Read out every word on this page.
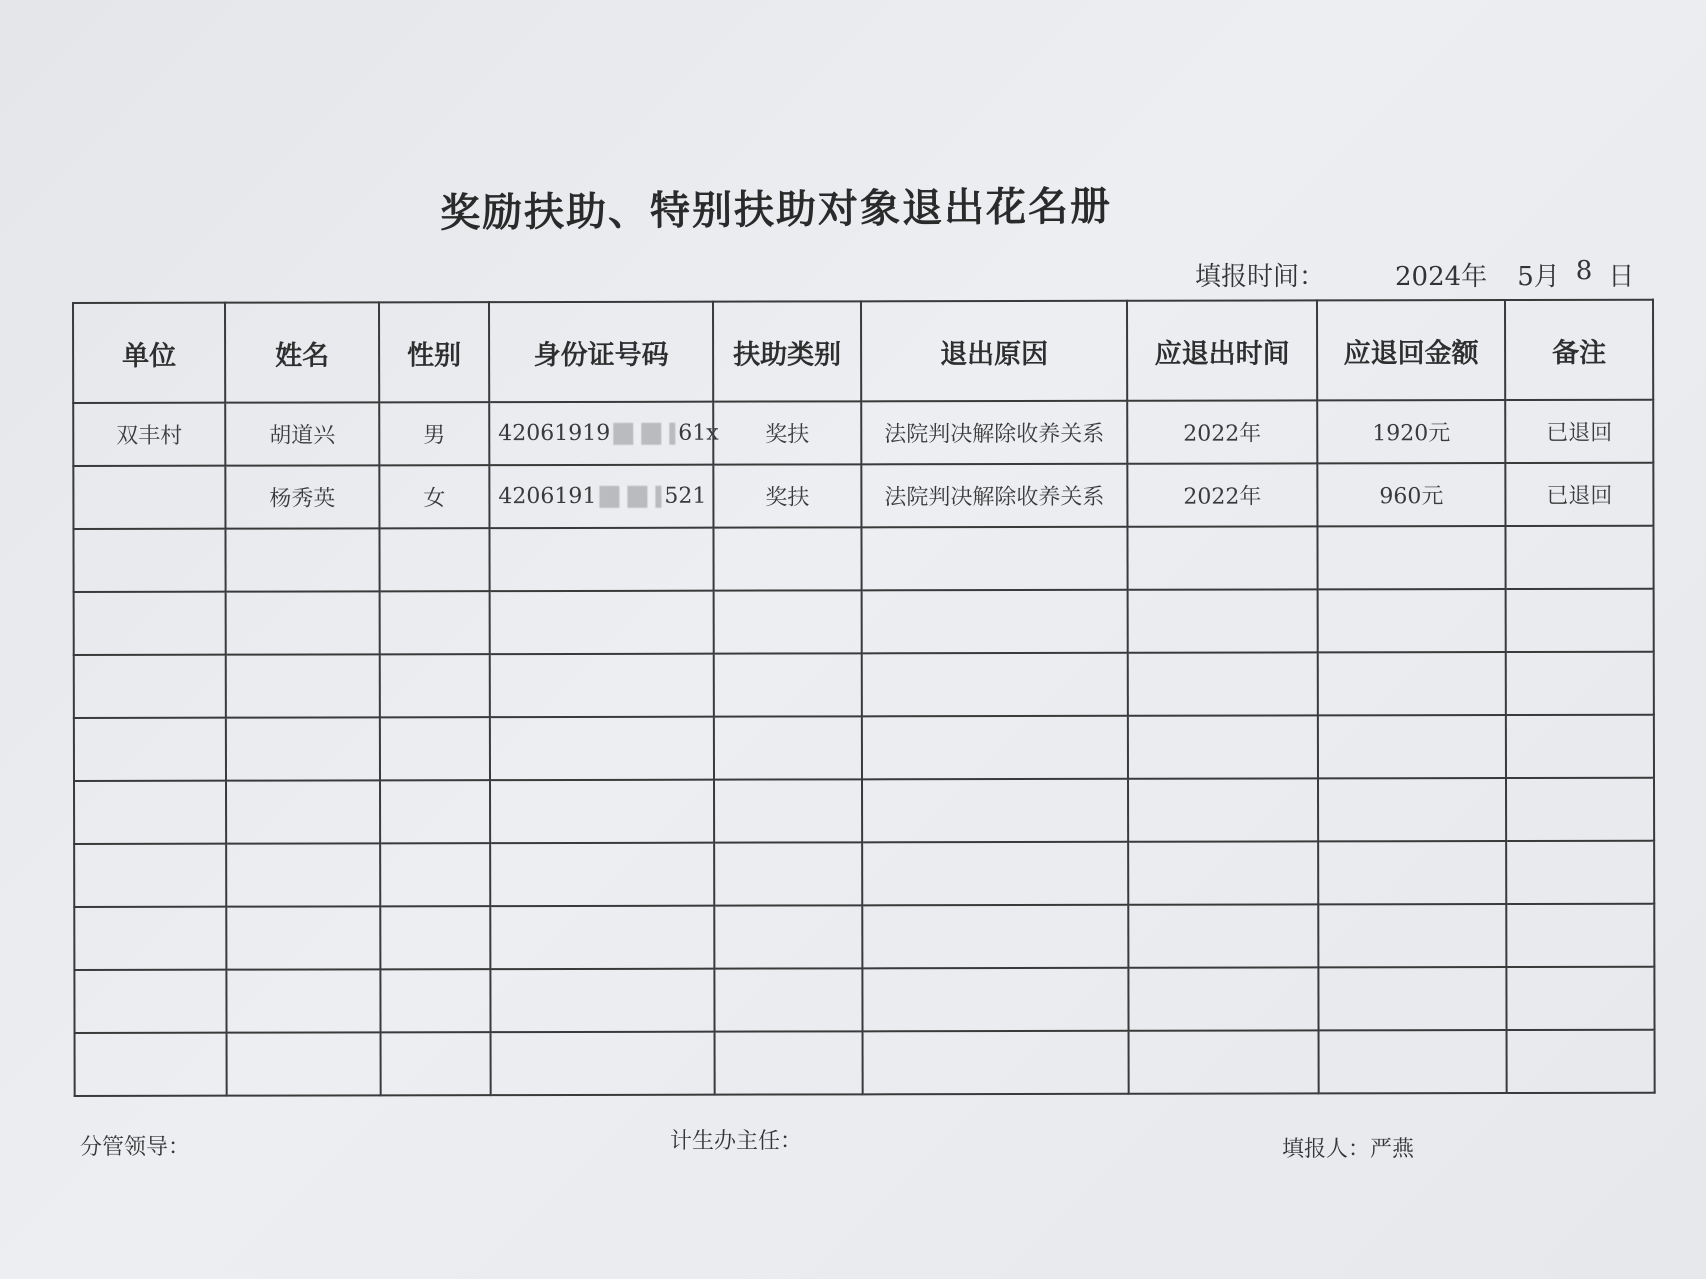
奖励扶助、特别扶助对象退出花名册
填报时间：	2024年 5月 8 日
单位	姓名	性别	身份证号码	扶助类别	退出原因	应退出时间	应退回金额	备注
双丰村	胡道兴	男	42061919 61x	奖扶	法院判决解除收养关系	2022年	1920元	已退回
	杨秀英	女	4206191 521	奖扶	法院判决解除收养关系	2022年	960元	已退回

分管领导：	计生办主任：	填报人：严燕
